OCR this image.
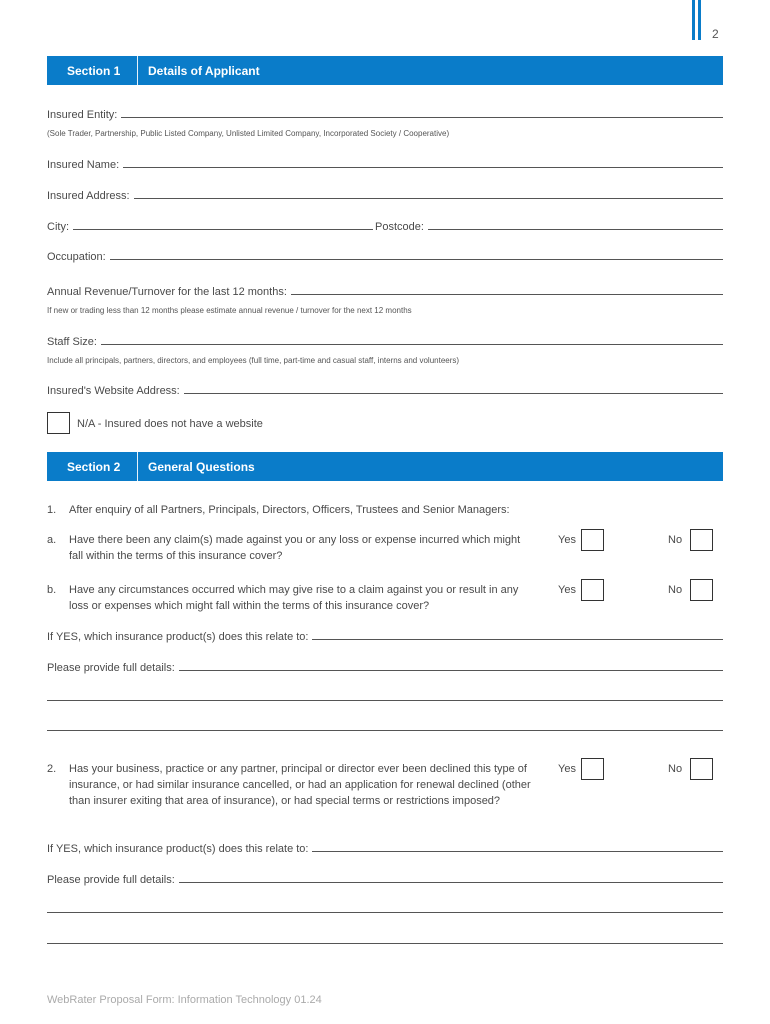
2
Section 1 Details of Applicant
Insured Entity:
(Sole Trader, Partnership, Public Listed Company, Unlisted Limited Company, Incorporated Society / Cooperative)
Insured Name:
Insured Address:
City:	Postcode:
Occupation:
Annual Revenue/Turnover for the last 12 months:
If new or trading less than 12 months please estimate annual revenue / turnover for the next 12 months
Staff Size:
Include all principals, partners, directors, and employees (full time, part-time and casual staff, interns and volunteers)
Insured's Website Address:
N/A - Insured does not have a website
Section 2 General Questions
1. After enquiry of all Partners, Principals, Directors, Officers, Trustees and Senior Managers:
a. Have there been any claim(s) made against you or any loss or expense incurred which might fall within the terms of this insurance cover?
Yes	No
b. Have any circumstances occurred which may give rise to a claim against you or result in any loss or expenses which might fall within the terms of this insurance cover?
Yes	No
If YES, which insurance product(s) does this relate to:
Please provide full details:
2. Has your business, practice or any partner, principal or director ever been declined this type of insurance, or had similar insurance cancelled, or had an application for renewal declined (other than insurer exiting that area of insurance), or had special terms or restrictions imposed?
Yes	No
If YES, which insurance product(s) does this relate to:
Please provide full details:
WebRater Proposal Form: Information Technology 01.24
